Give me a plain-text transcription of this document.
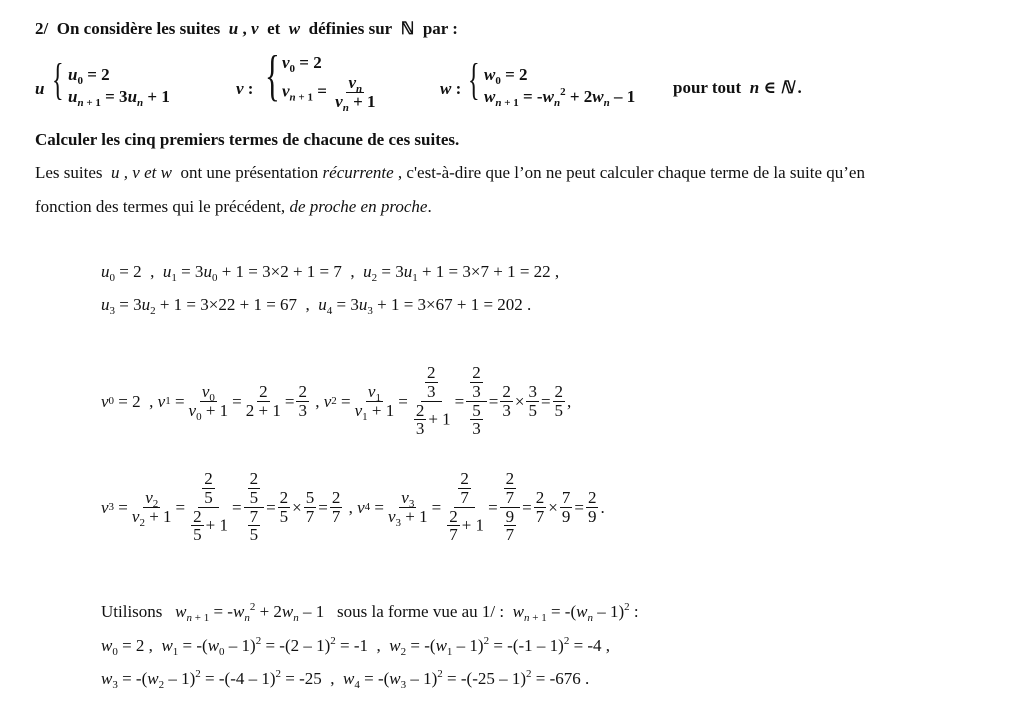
2/ On considère les suites u , v et w définies sur ℕ par :
u { $u_0 = 2$
$u_{n + 1} = 3u_n + 1$	v : { $v_0 = 2$
$v_{n + 1} = \frac{v_n}{v_n + 1}$	w : { $w_0 = 2$
$w_{n + 1} = -w_n^2 + 2w_n - 1$ pour tout n ∈ ℕ .
Calculer les cinq premiers termes de chacune de ces suites.
Les suites u , v et w ont une présentation récurrente , c'est-à-dire que l’on ne peut calculer chaque terme de la suite qu’en
fonction des termes qui le précédent, de proche en proche.
$u_0 = 2$  ,  $u_1 = 3u_0 + 1 = 3\times 2 + 1 = 7$  ,  $u_2 = 3u_1 + 1 = 3\times 7 + 1 = 22$ ,
$u_3 = 3u_2 + 1 = 3\times 22 + 1 = 67$  ,  $u_4 = 3u_3 + 1 = 3\times 67 + 1 = 202$ .
v 0 = 2  , v $1 = \frac{v_0}{v_0 + 1} = \frac{2}{2 + 1} = \frac{2}{3}$ , v $2 = \frac{v_1}{v_1 + 1} = \frac{\frac{2}{3}}{\frac{2}{3} + 1} = \frac{\frac{2}{3}}{\frac{5}{3}} = \frac{2}{3} \times \frac{3}{5} = \frac{2}{5}$ ,
v $3 = \frac{v_2}{v_2 + 1} = \frac{\frac{2}{5}}{\frac{2}{5} + 1} = \frac{\frac{2}{5}}{\frac{7}{5}} = \frac{2}{5} \times \frac{5}{7} = \frac{2}{7}$ , v $4 = \frac{v_3}{v_3 + 1} = \frac{\frac{2}{7}}{\frac{2}{7} + 1} = \frac{\frac{2}{7}}{\frac{9}{7}} = \frac{2}{7} \times \frac{7}{9} = \frac{2}{9}$ .
Utilisons $w_{n + 1} = -w_n^2 + 2w_n - 1$   sous la forme vue au 1/ : $w_{n + 1} = -(w_n - 1)^2$ :
$w_0 = 2$ ,  $w_1 = -(w_0 - 1)^2 = -(2 - 1)^2 = -1$  ,  $w_2 = -(w_1 - 1)^2 = -(-1 - 1)^2 = -4$ ,
$w_3 = -(w_2 - 1)^2 = -(-4 - 1)^2 = -25$  ,  $w_4 = -(w_3 - 1)^2 = -(-25 - 1)^2 = -676$ .
